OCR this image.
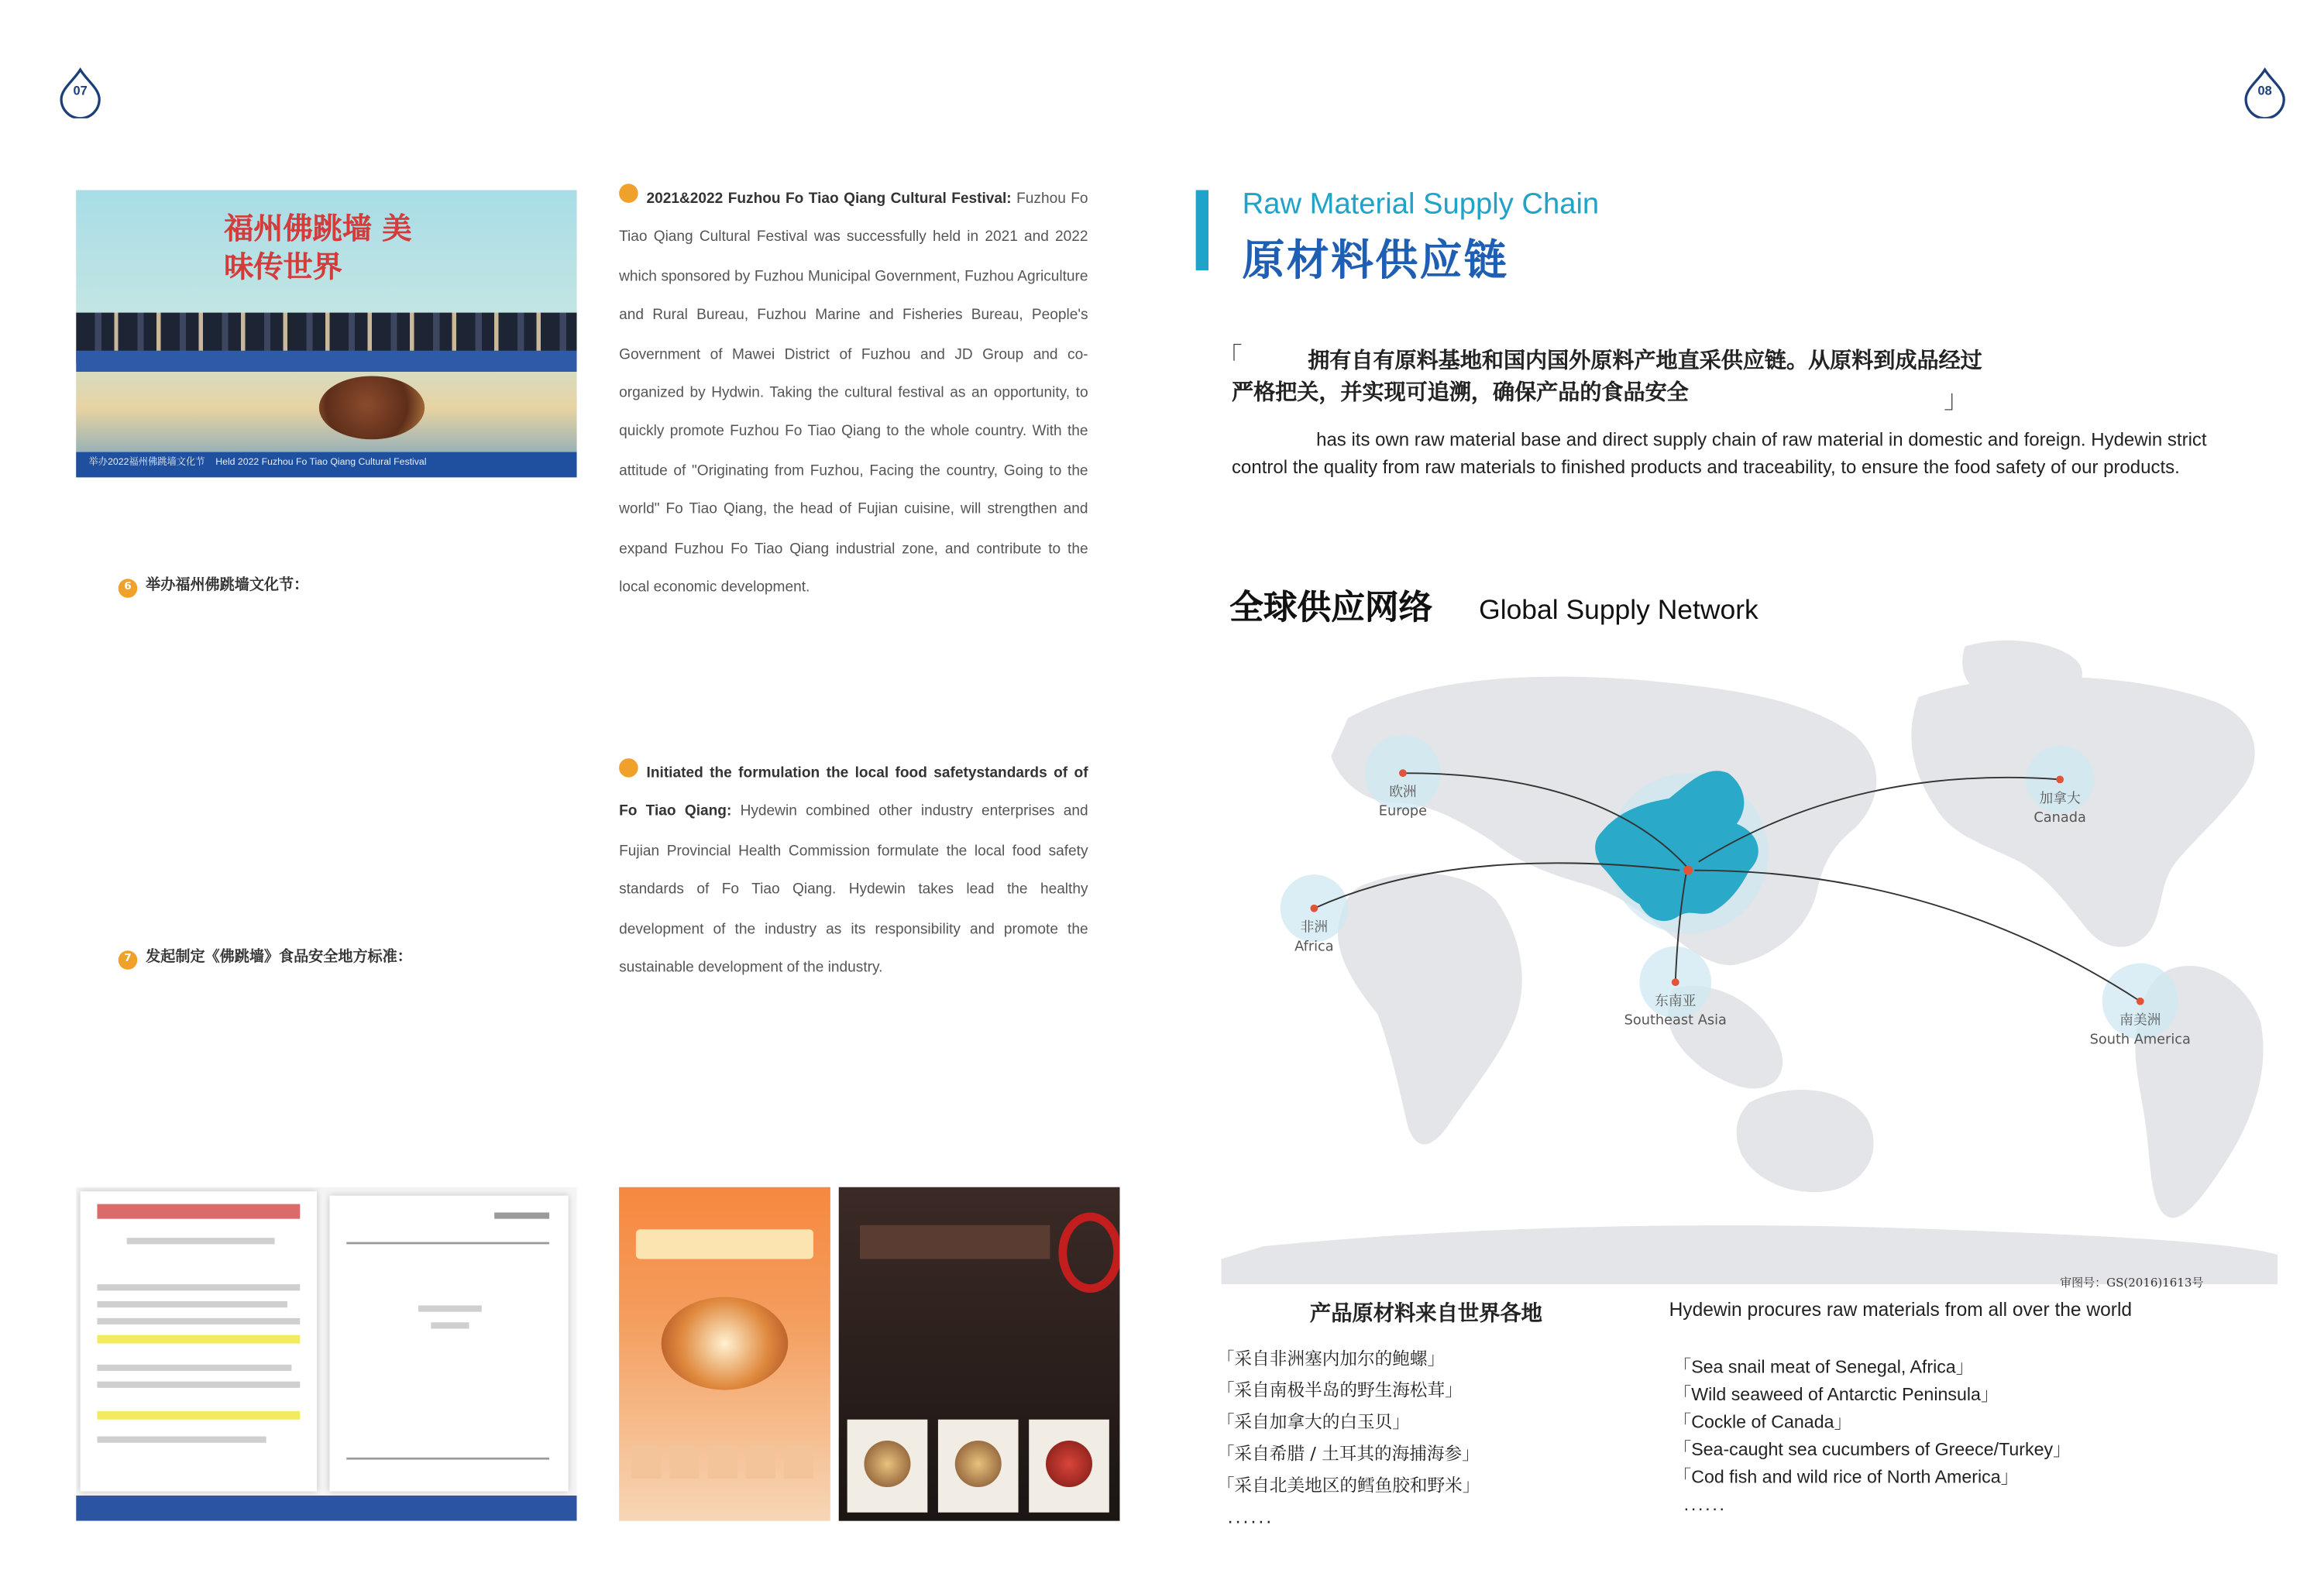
07	08
福州佛跳墙 美味传世界
举办2022福州佛跳墙文化节	Held 2022 Fuzhou Fo Tiao Qiang Cultural Festival
6	举办福州佛跳墙文化节：
7	发起制定《佛跳墙》食品安全地方标准：
2021&2022 Fuzhou Fo Tiao Qiang Cultural Festival: Fuzhou Fo Tiao Qiang Cultural Festival was successfully held in 2021 and 2022 which sponsored by Fuzhou Municipal Government, Fuzhou Agriculture and Rural Bureau, Fuzhou Marine and Fisheries Bureau, People's Government of Mawei District of Fuzhou and JD Group and co-organized by Hydwin. Taking the cultural festival as an opportunity, to quickly promote Fuzhou Fo Tiao Qiang to the whole country. With the attitude of "Originating from Fuzhou, Facing the country, Going to the world" Fo Tiao Qiang, the head of Fujian cuisine, will strengthen and expand Fuzhou Fo Tiao Qiang industrial zone, and contribute to the local economic development.
Initiated the formulation the local food safetystandards of of Fo Tiao Qiang: Hydewin combined other industry enterprises and Fujian Provincial Health Commission formulate the local food safety standards of Fo Tiao Qiang. Hydewin takes lead the healthy development of the industry as its responsibility and promote the sustainable development of the industry.
Raw Material Supply Chain
原材料供应链
「	拥有自有原料基地和国内国外原料产地直采供应链。从原料到成品经过严格把关，并实现可追溯，确保产品的食品安全	」
has its own raw material base and direct supply chain of raw material in domestic and foreign. Hydewin strict control the quality from raw materials to finished products and traceability, to ensure the food safety of our products.
全球供应网络	Global Supply Network
欧洲
Europe
加拿大
Canada
非洲
Africa
东南亚
Southeast Asia	南美洲
South America
审图号：GS(2016)1613号
产品原材料来自世界各地	Hydewin procures raw materials from all over the world
「采自非洲塞内加尔的鲍螺」
「采自南极半岛的野生海松茸」
「采自加拿大的白玉贝」
「采自希腊 / 土耳其的海捕海参」
「采自北美地区的鳕鱼胶和野米」
......
「Sea snail meat of Senegal, Africa」
「Wild seaweed of Antarctic Peninsula」
「Cockle of Canada」
「Sea-caught sea cucumbers of Greece/Turkey」
「Cod fish and wild rice of North America」
......
